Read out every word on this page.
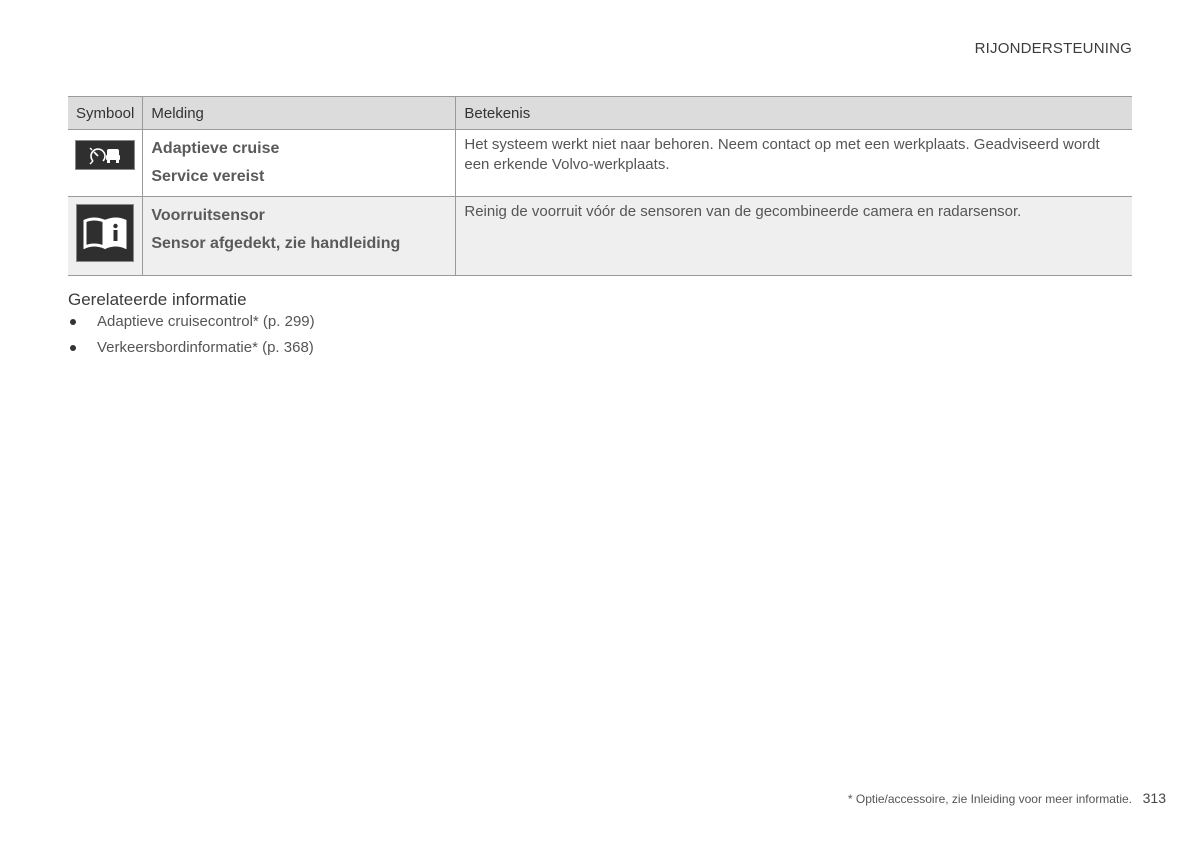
RIJONDERSTEUNING
Symbool	Melding	Betekenis

Adaptieve cruise
Service vereist	Het systeem werkt niet naar behoren. Neem contact op met een werkplaats. Geadviseerd wordt een erkende Volvo-werkplaats.

Voorruitsensor
Sensor afgedekt, zie handleiding	Reinig de voorruit vóór de sensoren van de gecombineerde camera en radarsensor.
Gerelateerde informatie
Adaptieve cruisecontrol* (p. 299)
Verkeersbordinformatie* (p. 368)
* Optie/accessoire, zie Inleiding voor meer informatie. 313
